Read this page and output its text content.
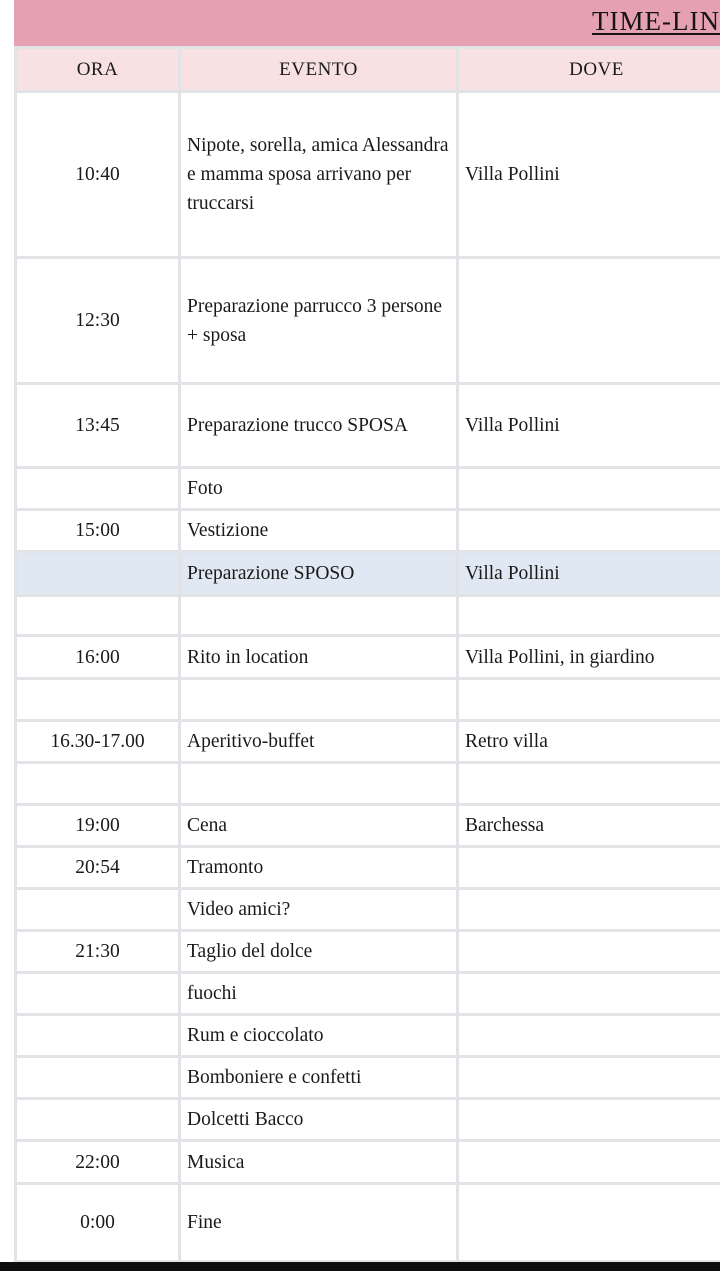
TIME-LIN
ORA	EVENTO	DOVE
10:40	Nipote, sorella, amica Alessandra e mamma sposa arrivano per truccarsi	Villa Pollini
12:30	Preparazione parrucco 3 persone + sposa	
13:45	Preparazione trucco SPOSA	Villa Pollini
	Foto	
15:00	Vestizione	
	Preparazione SPOSO	Villa Pollini

16:00	Rito in location	Villa Pollini, in giardino

16.30-17.00	Aperitivo-buffet	Retro villa

19:00	Cena	Barchessa
20:54	Tramonto	
	Video amici?	
21:30	Taglio del dolce	
	fuochi	
	Rum e cioccolato	
	Bomboniere e confetti	
	Dolcetti Bacco	
22:00	Musica	
0:00	Fine	
